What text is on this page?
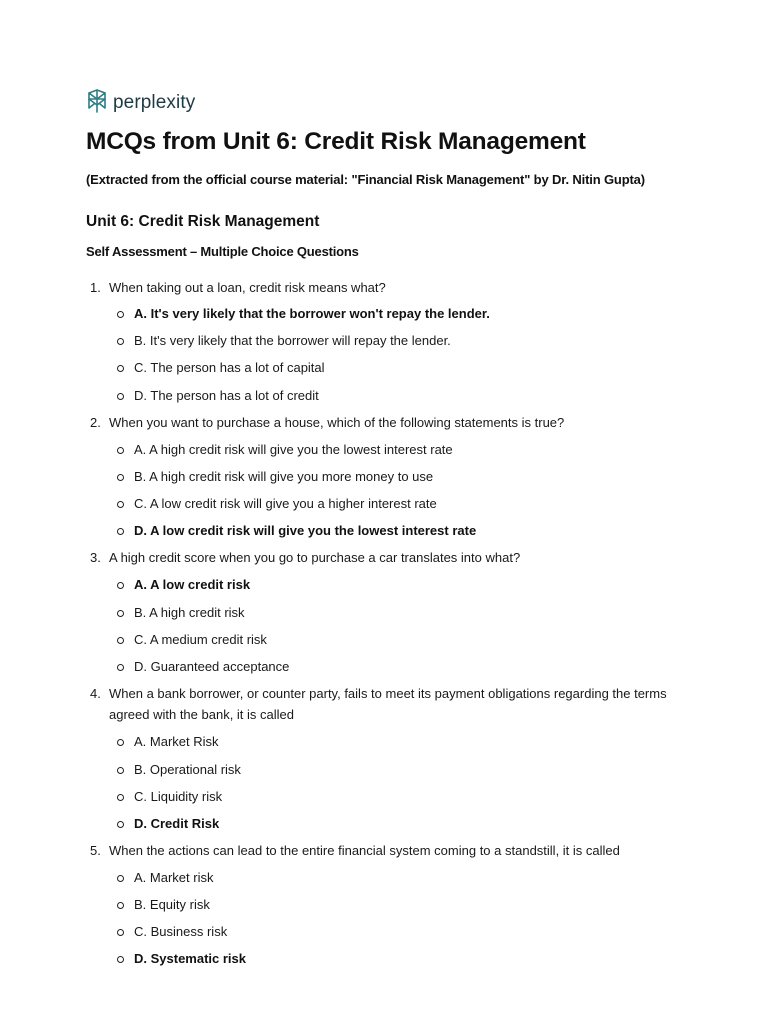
perplexity
MCQs from Unit 6: Credit Risk Management
(Extracted from the official course material: "Financial Risk Management" by Dr. Nitin Gupta)
Unit 6: Credit Risk Management
Self Assessment – Multiple Choice Questions
1. When taking out a loan, credit risk means what?
A. It's very likely that the borrower won't repay the lender.
B. It's very likely that the borrower will repay the lender.
C. The person has a lot of capital
D. The person has a lot of credit
2. When you want to purchase a house, which of the following statements is true?
A. A high credit risk will give you the lowest interest rate
B. A high credit risk will give you more money to use
C. A low credit risk will give you a higher interest rate
D. A low credit risk will give you the lowest interest rate
3. A high credit score when you go to purchase a car translates into what?
A. A low credit risk
B. A high credit risk
C. A medium credit risk
D. Guaranteed acceptance
4. When a bank borrower, or counter party, fails to meet its payment obligations regarding the terms agreed with the bank, it is called
A. Market Risk
B. Operational risk
C. Liquidity risk
D. Credit Risk
5. When the actions can lead to the entire financial system coming to a standstill, it is called
A. Market risk
B. Equity risk
C. Business risk
D. Systematic risk
